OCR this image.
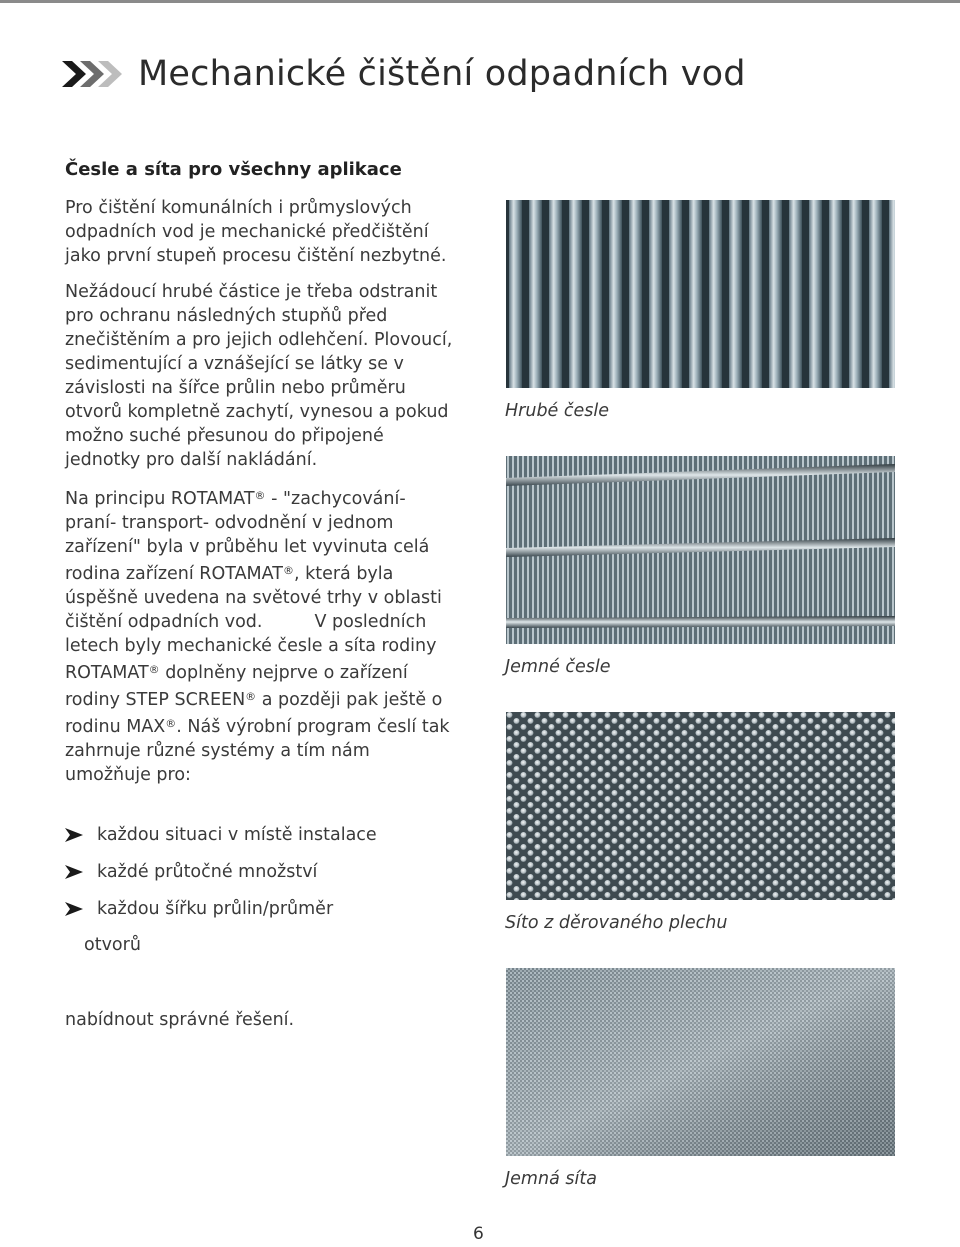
Mechanické čištění odpadních vod
Česle a síta pro všechny aplikace

Pro čištění komunálních i průmyslových odpadních vod je mechanické předčištění jako první stupeň procesu čištění nezbytné.

Nežádoucí hrubé částice je třeba odstranit pro ochranu následných stupňů před znečištěním a pro jejich odlehčení. Plovoucí, sedimentující a vznášející se látky se v závislosti na šířce průlin nebo průměru otvorů kompletně zachytí, vynesou a pokud možno suché přesunou do připojené jednotky pro další nakládání.

Na principu ROTAMAT® - "zachycování-praní- transport- odvodnění v jednom zařízení" byla v průběhu let vyvinuta celá rodina zařízení ROTAMAT®, která byla úspěšně uvedena na světové trhy v oblasti čištění odpadních vod.	V posledních letech byly mechanické česle a síta rodiny ROTAMAT® doplněny nejprve o zařízení rodiny STEP SCREEN® a později pak ještě o rodinu MAX®. Náš výrobní program česlí tak zahrnuje různé systémy a tím nám umožňuje pro:

každou situaci v místě instalace
každé průtočné množství
každou šířku průlin/průměr
otvorů
nabídnout správné řešení.
Hrubé česle
Jemné česle
Síto z děrovaného plechu
Jemná síta
6
